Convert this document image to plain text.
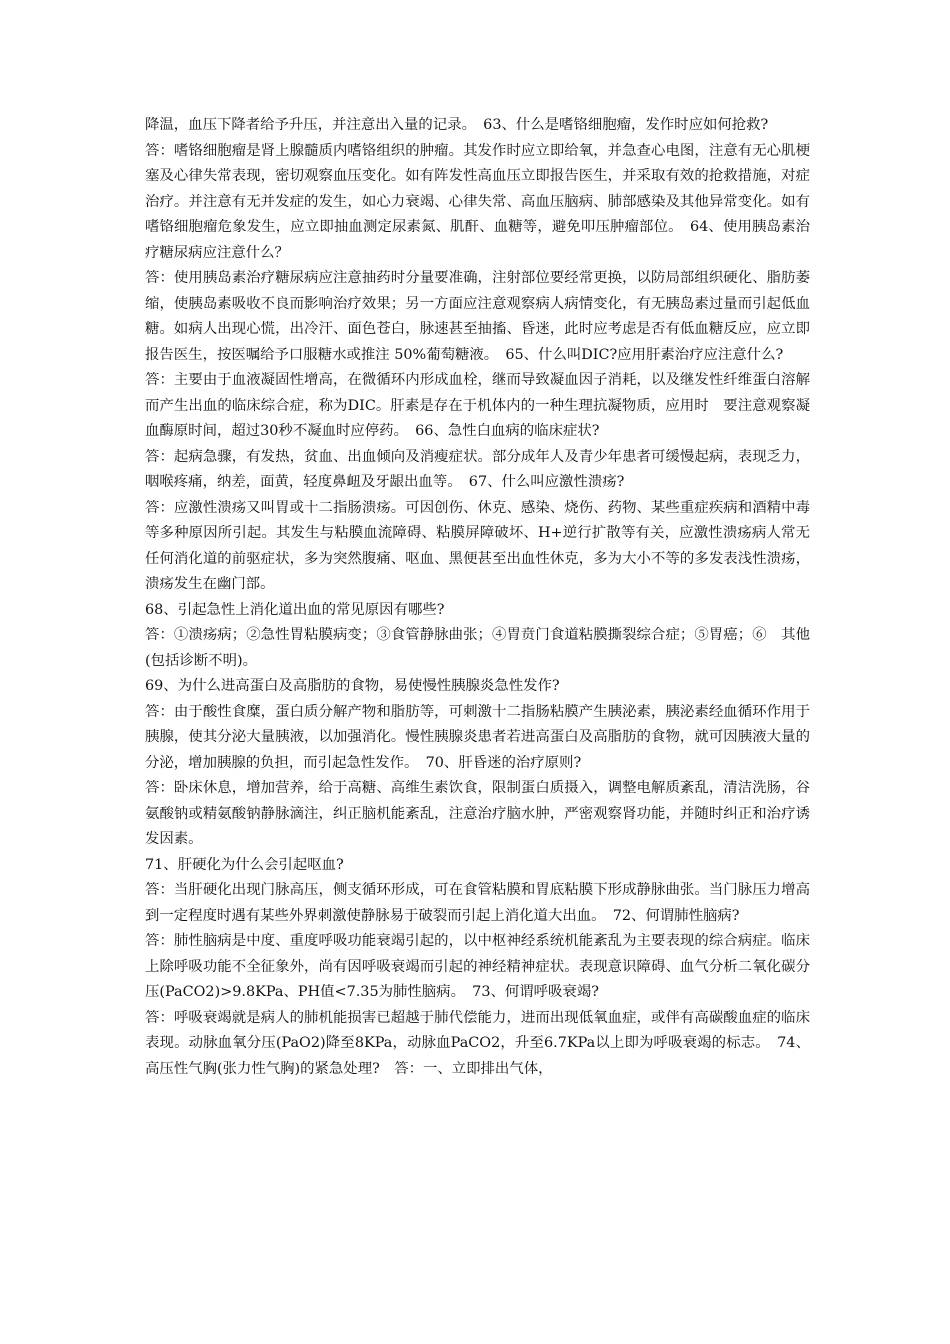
降温，血压下降者给予升压，并注意出入量的记录。　63、什么是嗜铬细胞瘤，发作时应如何抢救?

答：嗜铬细胞瘤是肾上腺髓质内嗜铬组织的肿瘤。其发作时应立即给氧，并急查心电图，注意有无心肌梗塞及心律失常表现，密切观察血压变化。如有阵发性高血压立即报告医生，并采取有效的抢救措施，对症治疗。并注意有无并发症的发生，如心力衰竭、心律失常、高血压脑病、肺部感染及其他异常变化。如有嗜铬细胞瘤危象发生，应立即抽血测定尿素氮、肌酐、血糖等，避免叩压肿瘤部位。　64、使用胰岛素治疗糖尿病应注意什么？

答：使用胰岛素治疗糖尿病应注意抽药时分量要准确，注射部位要经常更换，以防局部组织硬化、脂肪萎缩，使胰岛素吸收不良而影响治疗效果；另一方面应注意观察病人病情变化，有无胰岛素过量而引起低血糖。如病人出现心慌，出冷汗、面色苍白，脉速甚至抽搐、昏迷，此时应考虑是否有低血糖反应，应立即报告医生，按医嘱给予口服糖水或推注 50%葡萄糖液。　65、什么叫DIC?应用肝素治疗应注意什么?

答：主要由于血液凝固性增高，在微循环内形成血栓，继而导致凝血因子消耗，以及继发性纤维蛋白溶解而产生出血的临床综合症，称为DIC。肝素是存在于机体内的一种生理抗凝物质，应用时　要注意观察凝血酶原时间，超过30秒不凝血时应停药。　66、急性白血病的临床症状?

答：起病急骤，有发热，贫血、出血倾向及消瘦症状。部分成年人及青少年患者可缓慢起病，表现乏力，咽喉疼痛，纳差，面黄，轻度鼻衄及牙龈出血等。　67、什么叫应激性溃疡?

答：应激性溃疡又叫胃或十二指肠溃疡。可因创伤、休克、感染、烧伤、药物、某些重症疾病和酒精中毒等多种原因所引起。其发生与粘膜血流障碍、粘膜屏障破坏、H+逆行扩散等有关，应激性溃疡病人常无任何消化道的前驱症状，多为突然腹痛、呕血、黑便甚至出血性休克，多为大小不等的多发表浅性溃疡，溃疡发生在幽门部。

68、引起急性上消化道出血的常见原因有哪些?

答：①溃疡病；②急性胃粘膜病变；③食管静脉曲张；④胃贲门食道粘膜撕裂综合症；⑤胃癌；⑥　其他(包括诊断不明)。

69、为什么进高蛋白及高脂肪的食物，易使慢性胰腺炎急性发作?

答：由于酸性食糜，蛋白质分解产物和脂肪等，可刺激十二指肠粘膜产生胰泌素，胰泌素经血循环作用于胰腺，使其分泌大量胰液，以加强消化。慢性胰腺炎患者若进高蛋白及高脂肪的食物，就可因胰液大量的分泌，增加胰腺的负担，而引起急性发作。　70、肝昏迷的治疗原则?

答：卧床休息，增加营养，给于高糖、高维生素饮食，限制蛋白质摄入，调整电解质紊乱，清洁洗肠，谷氨酸钠或精氨酸钠静脉滴注，纠正脑机能紊乱，注意治疗脑水肿，严密观察肾功能，并随时纠正和治疗诱发因素。

71、肝硬化为什么会引起呕血?

答：当肝硬化出现门脉高压，侧支循环形成，可在食管粘膜和胃底粘膜下形成静脉曲张。当门脉压力增高到一定程度时遇有某些外界刺激使静脉易于破裂而引起上消化道大出血。　72、何谓肺性脑病?

答：肺性脑病是中度、重度呼吸功能衰竭引起的，以中枢神经系统机能紊乱为主要表现的综合病症。临床上除呼吸功能不全征象外，尚有因呼吸衰竭而引起的神经精神症状。表现意识障碍、血气分析二氧化碳分压(PaCO2)>9.8KPa、PH值<7.35为肺性脑病。　73、何谓呼吸衰竭?

答：呼吸衰竭就是病人的肺机能损害已超越于肺代偿能力，进而出现低氧血症，或伴有高碳酸血症的临床表现。动脉血氧分压(PaO2)降至8KPa，动脉血PaCO2，升至6.7KPa以上即为呼吸衰竭的标志。　74、高压性气胸(张力性气胸)的紧急处理?　答：一、立即排出气体，
